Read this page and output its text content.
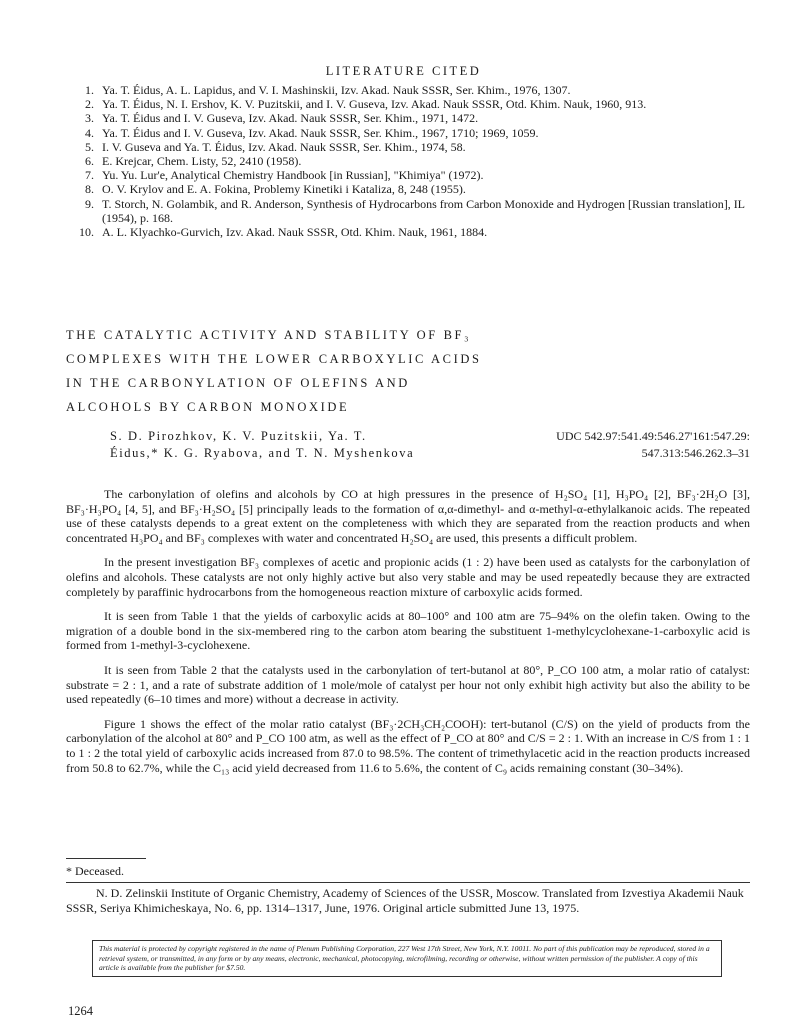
LITERATURE CITED
1. Ya. T. Éidus, A. L. Lapidus, and V. I. Mashinskii, Izv. Akad. Nauk SSSR, Ser. Khim., 1976, 1307.
2. Ya. T. Éidus, N. I. Ershov, K. V. Puzitskii, and I. V. Guseva, Izv. Akad. Nauk SSSR, Otd. Khim. Nauk, 1960, 913.
3. Ya. T. Éidus and I. V. Guseva, Izv. Akad. Nauk SSSR, Ser. Khim., 1971, 1472.
4. Ya. T. Éidus and I. V. Guseva, Izv. Akad. Nauk SSSR, Ser. Khim., 1967, 1710; 1969, 1059.
5. I. V. Guseva and Ya. T. Éidus, Izv. Akad. Nauk SSSR, Ser. Khim., 1974, 58.
6. E. Krejcar, Chem. Listy, 52, 2410 (1958).
7. Yu. Yu. Lur'e, Analytical Chemistry Handbook [in Russian], "Khimiya" (1972).
8. O. V. Krylov and E. A. Fokina, Problemy Kinetiki i Kataliza, 8, 248 (1955).
9. T. Storch, N. Golambik, and R. Anderson, Synthesis of Hydrocarbons from Carbon Monoxide and Hydrogen [Russian translation], IL (1954), p. 168.
10. A. L. Klyachko-Gurvich, Izv. Akad. Nauk SSSR, Otd. Khim. Nauk, 1961, 1884.
THE CATALYTIC ACTIVITY AND STABILITY OF BF₃
COMPLEXES WITH THE LOWER CARBOXYLIC ACIDS
IN THE CARBONYLATION OF OLEFINS AND
ALCOHOLS BY CARBON MONOXIDE
S. D. Pirozhkov, K. V. Puzitskii, Ya. T.
Éidus,* K. G. Ryabova, and T. N. Myshenkova
UDC 542.97:541.49:546.27'161:547.29:
547.313:546.262.3–31

The carbonylation of olefins and alcohols by CO at high pressures in the presence of H₂SO₄ [1], H₃PO₄ [2], BF₃·2H₂O [3], BF₃·H₃PO₄ [4, 5], and BF₃·H₂SO₄ [5] principally leads to the formation of α,α-dimethyl- and α-methyl-α-ethylalkanoic acids. The repeated use of these catalysts depends to a great extent on the completeness with which they are separated from the reaction products and when concentrated H₃PO₄ and BF₃ complexes with water and concentrated H₂SO₄ are used, this presents a difficult problem.

In the present investigation BF₃ complexes of acetic and propionic acids (1 : 2) have been used as catalysts for the carbonylation of olefins and alcohols. These catalysts are not only highly active but also very stable and may be used repeatedly because they are extracted completely by paraffinic hydrocarbons from the homogeneous reaction mixture of carboxylic acids formed.

It is seen from Table 1 that the yields of carboxylic acids at 80–100° and 100 atm are 75–94% on the olefin taken. Owing to the migration of a double bond in the six-membered ring to the carbon atom bearing the substituent 1-methylcyclohexane-1-carboxylic acid is formed from 1-methyl-3-cyclohexene.

It is seen from Table 2 that the catalysts used in the carbonylation of tert-butanol at 80°, P_CO 100 atm, a molar ratio of catalyst: substrate = 2 : 1, and a rate of substrate addition of 1 mole/mole of catalyst per hour not only exhibit high activity but also the ability to be used repeatedly (6–10 times and more) without a decrease in activity.

Figure 1 shows the effect of the molar ratio catalyst (BF₃·2CH₃CH₂COOH): tert-butanol (C/S) on the yield of products from the carbonylation of the alcohol at 80° and P_CO 100 atm, as well as the effect of P_CO at 80° and C/S = 2 : 1. With an increase in C/S from 1 : 1 to 1 : 2 the total yield of carboxylic acids increased from 87.0 to 98.5%. The content of trimethylacetic acid in the reaction products increased from 50.8 to 62.7%, while the C₁₃ acid yield decreased from 11.6 to 5.6%, the content of C₉ acids remaining constant (30–34%).

* Deceased.

N. D. Zelinskii Institute of Organic Chemistry, Academy of Sciences of the USSR, Moscow. Translated from Izvestiya Akademii Nauk SSSR, Seriya Khimicheskaya, No. 6, pp. 1314–1317, June, 1976. Original article submitted June 13, 1975.

This material is protected by copyright registered in the name of Plenum Publishing Corporation, 227 West 17th Street, New York, N.Y. 10011. No part of this publication may be reproduced, stored in a retrieval system, or transmitted, in any form or by any means, electronic, mechanical, photocopying, microfilming, recording or otherwise, without written permission of the publisher. A copy of this article is available from the publisher for $7.50.
1264
